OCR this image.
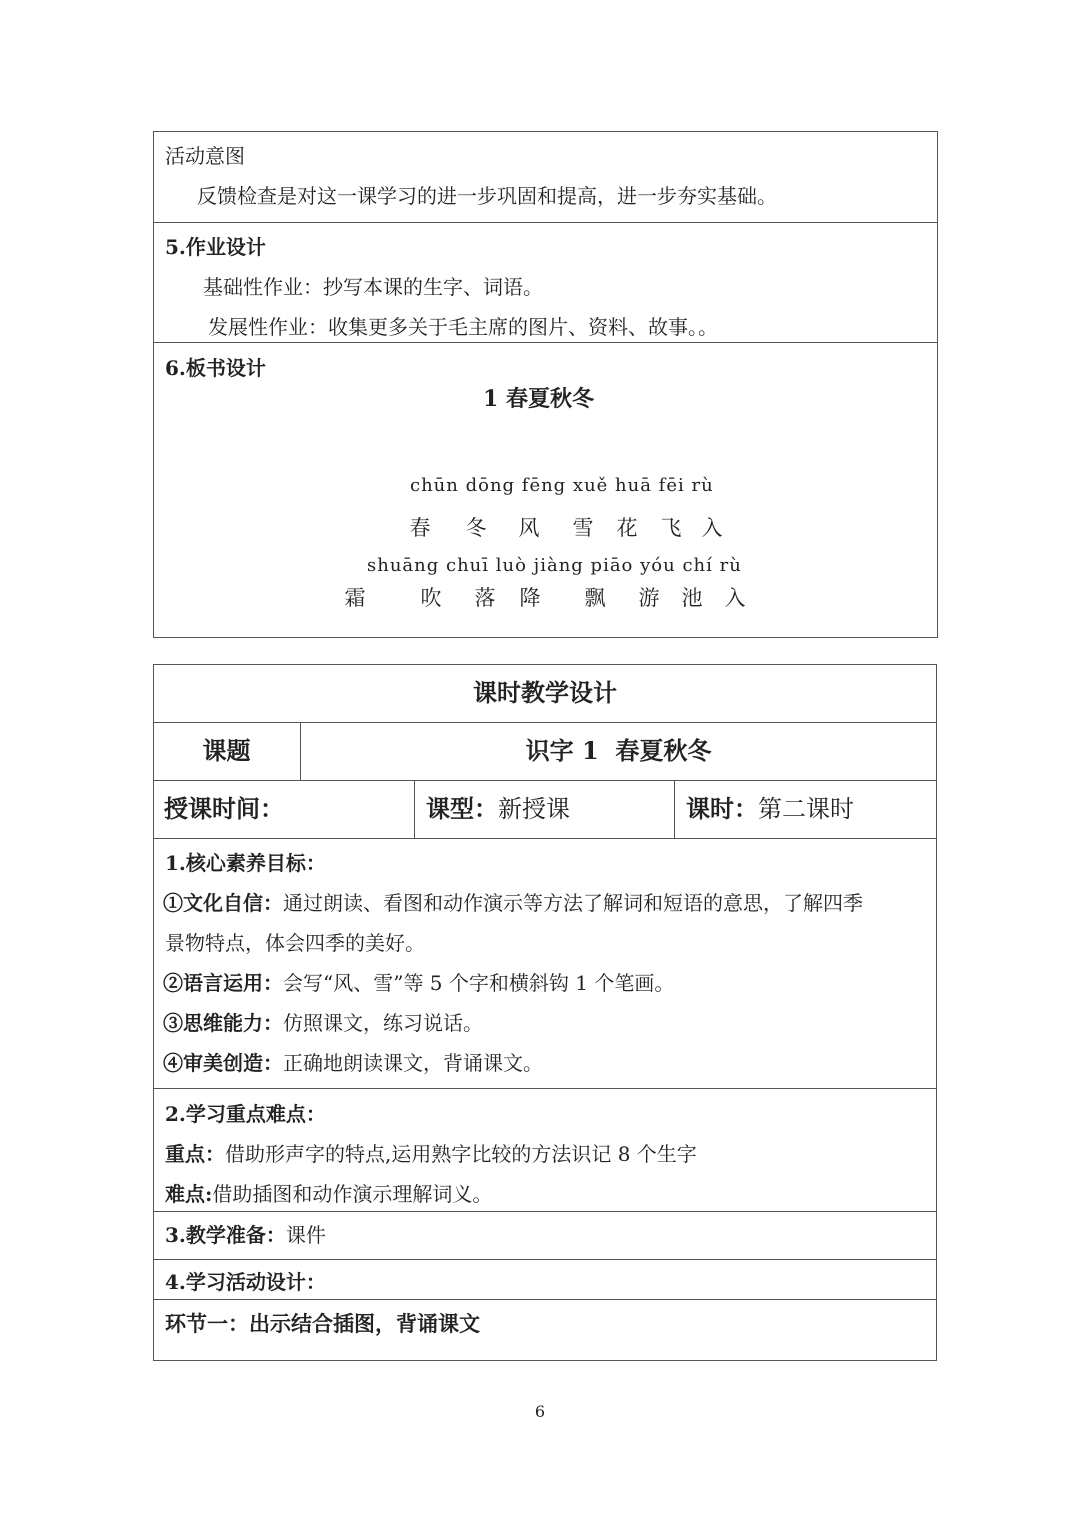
活动意图
反馈检查是对这一课学习的进一步巩固和提高，进一步夯实基础。
5.作业设计
基础性作业：抄写本课的生字、词语。
发展性作业：收集更多关于毛主席的图片、资料、故事。。
6.板书设计
1 春夏秋冬
chūn dōng fēng xuě huā fēi rù
春 冬 风 雪 花 飞 入
shuāng chuī luò jiàng piāo yóu chí rù
霜	吹 落 降 飘 游 池 入
课时教学设计
课题	识字 1  春夏秋冬
授课时间：	课型：新授课	课时：第二课时
1.核心素养目标：
①文化自信：通过朗读、看图和动作演示等方法了解词和短语的意思，了解四季
景物特点，体会四季的美好。
②语言运用：会写“风、雪”等 5 个字和横斜钩 1 个笔画。
③思维能力：仿照课文，练习说话。
④审美创造：正确地朗读课文，背诵课文。
2.学习重点难点：
重点：借助形声字的特点,运用熟字比较的方法识记 8 个生字
难点:借助插图和动作演示理解词义。
3.教学准备：课件
4.学习活动设计：
环节一：出示结合插图，背诵课文
6
